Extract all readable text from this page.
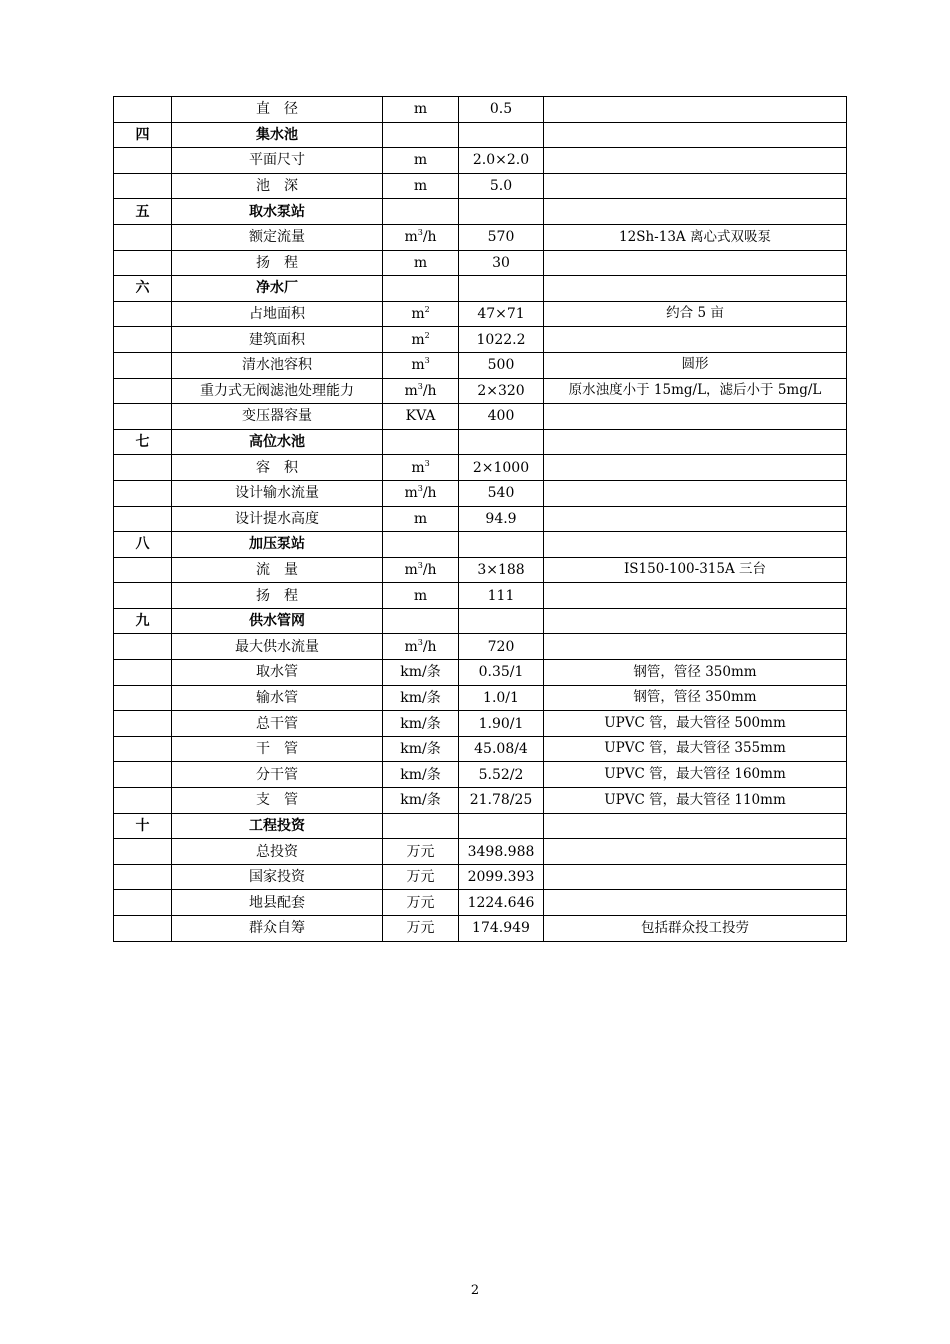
	直　径	m	0.5	
四	集水池			
	平面尺寸	m	2.0×2.0	
	池　深	m	5.0	
五	取水泵站			
	额定流量	$m^3/h$	570	12Sh-13A 离心式双吸泵
	扬　程	m	30	
六	净水厂			
	占地面积	$m^2$	47×71	约合 5 亩
	建筑面积	$m^2$	1022.2	
	清水池容积	$m^3$	500	圆形
	重力式无阀滤池处理能力	$m^3/h$	2×320	原水浊度小于 15mg/L，滤后小于 5mg/L
	变压器容量	KVA	400	
七	高位水池			
	容　积	$m^3$	2×1000	
	设计输水流量	$m^3/h$	540	
	设计提水高度	m	94.9	
八	加压泵站			
	流　量	$m^3/h$	3×188	IS150-100-315A 三台
	扬　程	m	111	
九	供水管网			
	最大供水流量	$m^3/h$	720	
	取水管	km/条	0.35/1	钢管，管径 350mm
	输水管	km/条	1.0/1	钢管，管径 350mm
	总干管	km/条	1.90/1	UPVC 管，最大管径 500mm
	干　管	km/条	45.08/4	UPVC 管，最大管径 355mm
	分干管	km/条	5.52/2	UPVC 管，最大管径 160mm
	支　管	km/条	21.78/25	UPVC 管，最大管径 110mm
十	工程投资			
	总投资	万元	3498.988	
	国家投资	万元	2099.393	
	地县配套	万元	1224.646	
	群众自筹	万元	174.949	包括群众投工投劳
2
